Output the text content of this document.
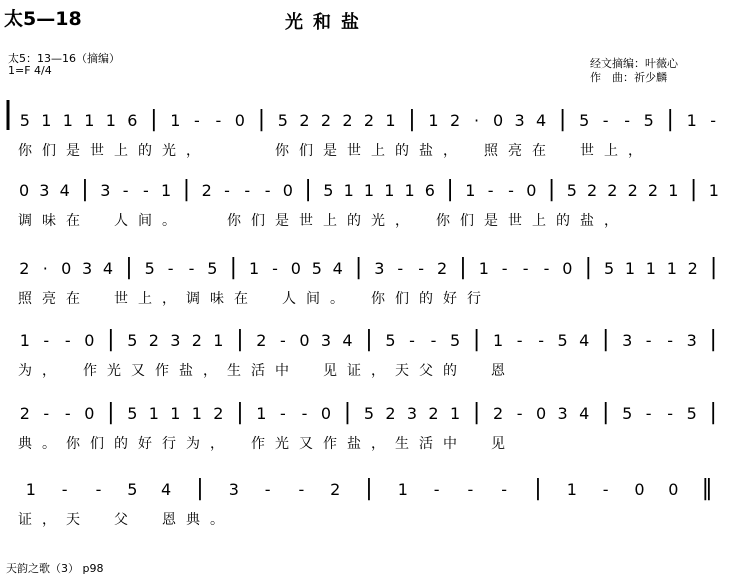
太5—18	光和盐
太5：13—16（摘编）
1=F 4/4
经文摘编：叶薇心
作　曲：祈少麟
5 1 1 1 1 6 | 1 - - 0 | 5 2 2 2 2 1 | 1 2 · 0 3 4 | 5 - - 5 | 1 -
0 3 4 | 3 - - 1 | 2 - - - 0 | 5 1 1 1 1 6 | 1 - - 0 | 5 2 2 2 2 1 | 1
2 · 0 3 4 | 5 - - 5 | 1 - 0 5 4 | 3 - - 2 | 1 - - - 0 | 5 1 1 1 2 |
1 - - 0 | 5 2 3 2 1 | 2 - 0 3 4 | 5 - - 5 | 1 - - 5 4 | 3 - - 3 |
2 - - 0 | 5 1 1 1 2 | 1 - - 0 | 5 2 3 2 1 | 2 - 0 3 4 | 5 - - 5 |
1 - - 5 4 | 3 - - 2 | 1 - - - | 1 - 0 0 ‖
你们是世上的光，　　　你们是世上的盐，　照亮在　世上，
调味在　人间。　　你们是世上的光，　你们是世上的盐，
照亮在　世上，调味在　人间。　你们的好行
为，　作光又作盐，生活中　见证，天父的　恩
典。你们的好行为，　作光又作盐，生活中　见
证，天　父　恩典。
天韵之歌（3） p98
